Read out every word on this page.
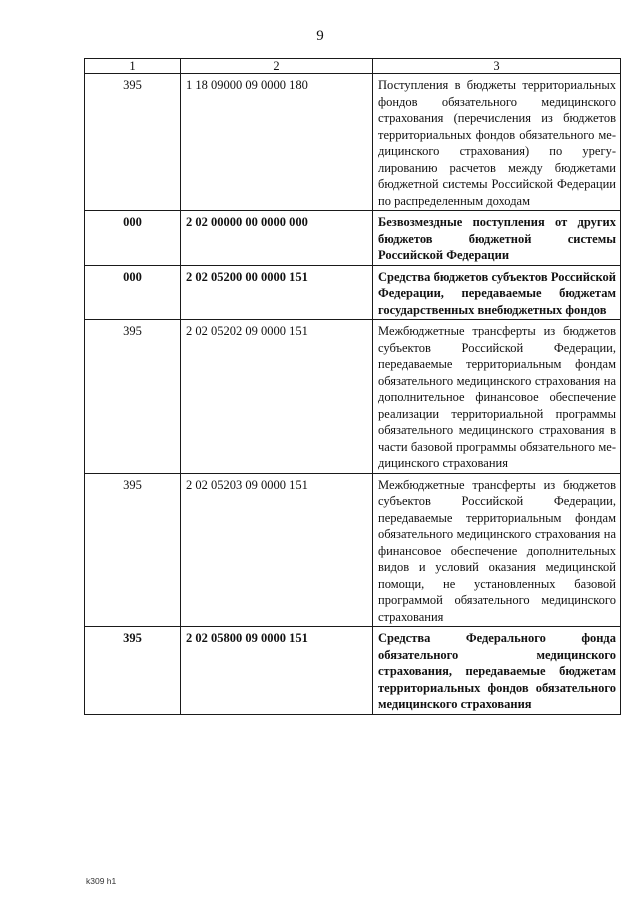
9
1	2	3
395	1 18 09000 09 0000 180	Поступления в бюджеты территориальных фондов обязательного медицинского страхования (перечисления из бюджетов территориальных фондов обязательного медицинского страхования) по урегулированию расчетов между бюджетами бюджетной системы Российской Федерации по распределенным доходам
000	2 02 00000 00 0000 000	Безвозмездные поступления от других бюджетов бюджетной системы Российской Федерации
000	2 02 05200 00 0000 151	Средства бюджетов субъектов Российской Федерации, передаваемые бюджетам государственных внебюджетных фондов
395	2 02 05202 09 0000 151	Межбюджетные трансферты из бюджетов субъектов Российской Федерации, передаваемые территориальным фондам обязательного медицинского страхования на дополнительное финансовое обеспечение реализации территориальной программы обязательного медицинского страхования в части базовой программы обязательного медицинского страхования
395	2 02 05203 09 0000 151	Межбюджетные трансферты из бюджетов субъектов Российской Федерации, передаваемые территориальным фондам обязательного медицинского страхования на финансовое обеспечение дополнительных видов и условий оказания медицинской помощи, не установленных базовой программой обязательного медицинского страхования
395	2 02 05800 09 0000 151	Средства Федерального фонда обязательного медицинского страхования, передаваемые бюджетам территориальных фондов обязательного медицинского страхования
k309 h1
